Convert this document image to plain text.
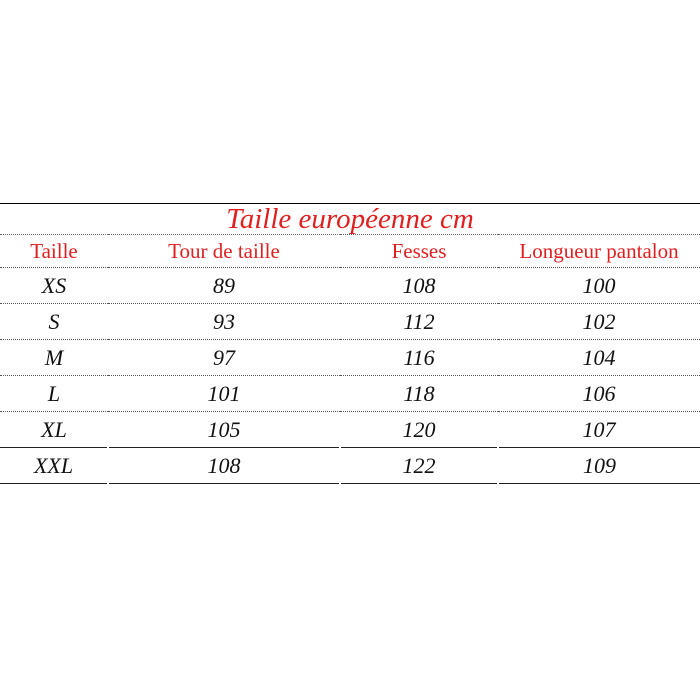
Taille européenne cm			
Taille	Tour de taille	Fesses	Longueur pantalon
XS	89	108	100
S	93	112	102
M	97	116	104
L	101	118	106
XL	105	120	107
XXL	108	122	109
